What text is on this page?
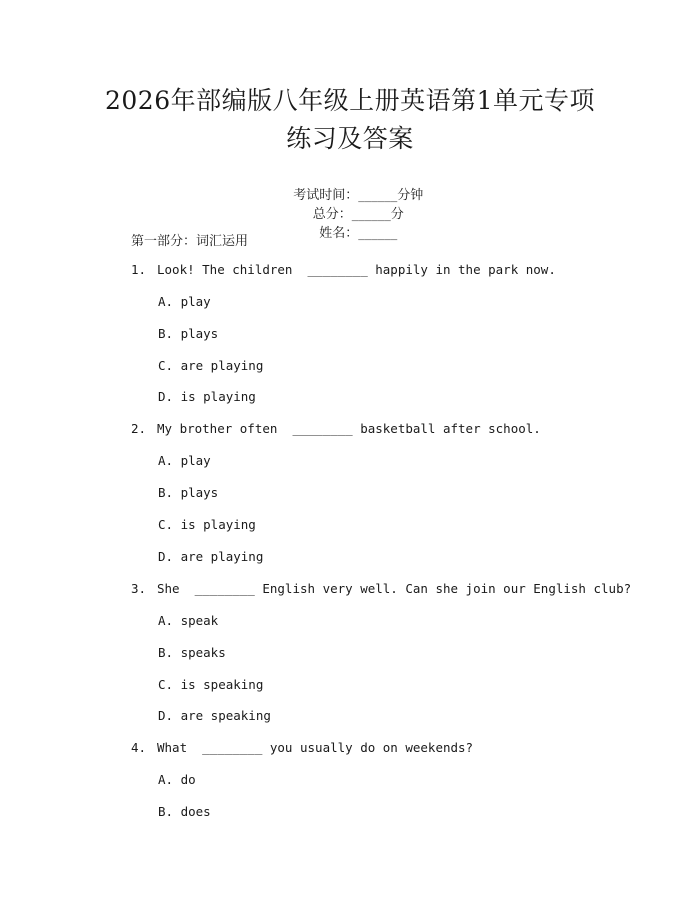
2026年部编版八年级上册英语第1单元专项
练习及答案

考试时间：______分钟
总分：______分
姓名：______

第一部分：词汇运用
1. Look! The children  ________ happily in the park now.
A. play
B. plays
C. are playing
D. is playing
2. My brother often  ________ basketball after school.
A. play
B. plays
C. is playing
D. are playing
3. She  ________ English very well. Can she join our English club?
A. speak
B. speaks
C. is speaking
D. are speaking
4. What  ________ you usually do on weekends?
A. do
B. does
